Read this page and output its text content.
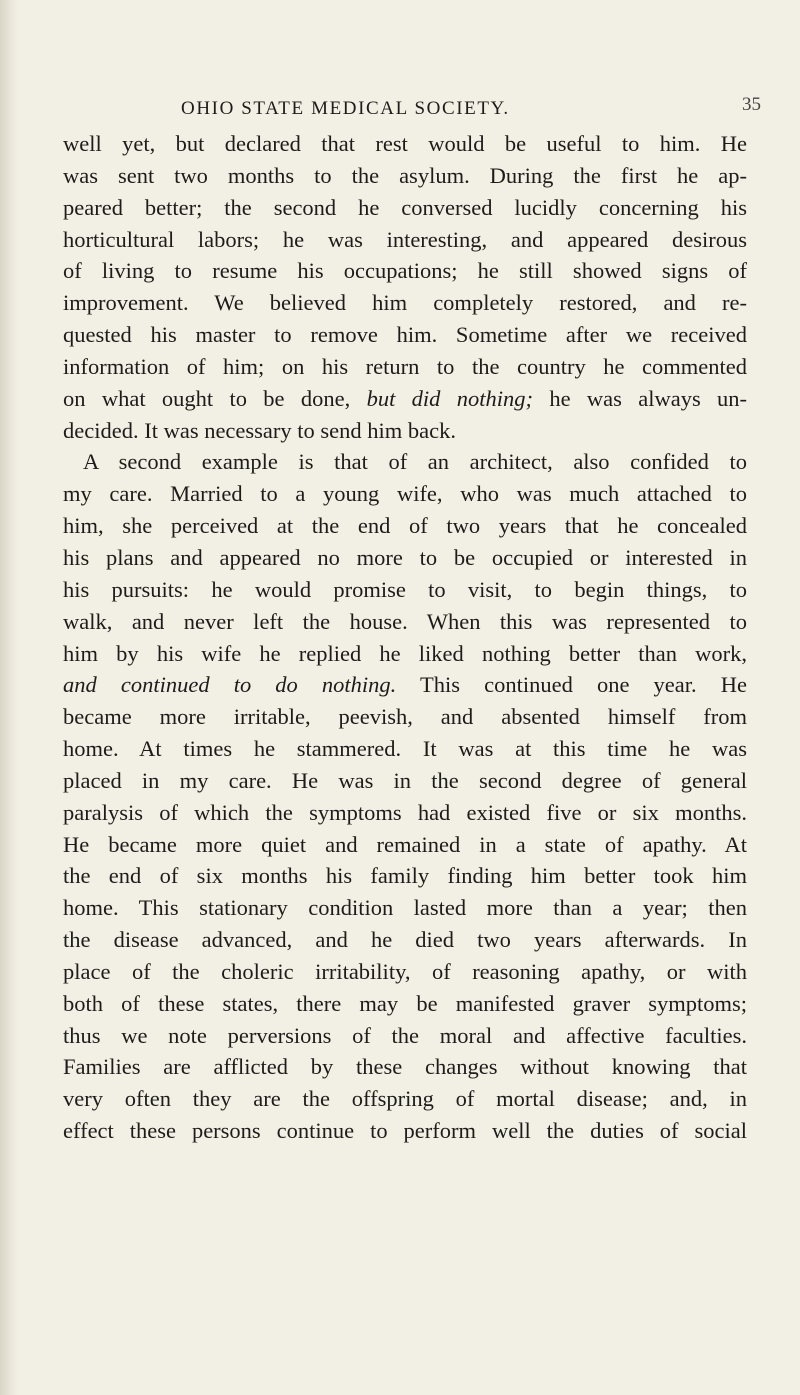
OHIO STATE MEDICAL SOCIETY.	35
well yet, but declared that rest would be useful to him. He
was sent two months to the asylum. During the first he ap-
peared better; the second he conversed lucidly concerning his
horticultural labors; he was interesting, and appeared desirous
of living to resume his occupations; he still showed signs of
improvement. We believed him completely restored, and re-
quested his master to remove him. Sometime after we received
information of him; on his return to the country he commented
on what ought to be done, but did nothing; he was always un-
decided. It was necessary to send him back.
A second example is that of an architect, also confided to
my care. Married to a young wife, who was much attached to
him, she perceived at the end of two years that he concealed
his plans and appeared no more to be occupied or interested in
his pursuits: he would promise to visit, to begin things, to
walk, and never left the house. When this was represented to
him by his wife he replied he liked nothing better than work,
and continued to do nothing. This continued one year. He
became more irritable, peevish, and absented himself from
home. At times he stammered. It was at this time he was
placed in my care. He was in the second degree of general
paralysis of which the symptoms had existed five or six months.
He became more quiet and remained in a state of apathy. At
the end of six months his family finding him better took him
home. This stationary condition lasted more than a year; then
the disease advanced, and he died two years afterwards. In
place of the choleric irritability, of reasoning apathy, or with
both of these states, there may be manifested graver symptoms;
thus we note perversions of the moral and affective faculties.
Families are afflicted by these changes without knowing that
very often they are the offspring of mortal disease; and, in
effect these persons continue to perform well the duties of social
